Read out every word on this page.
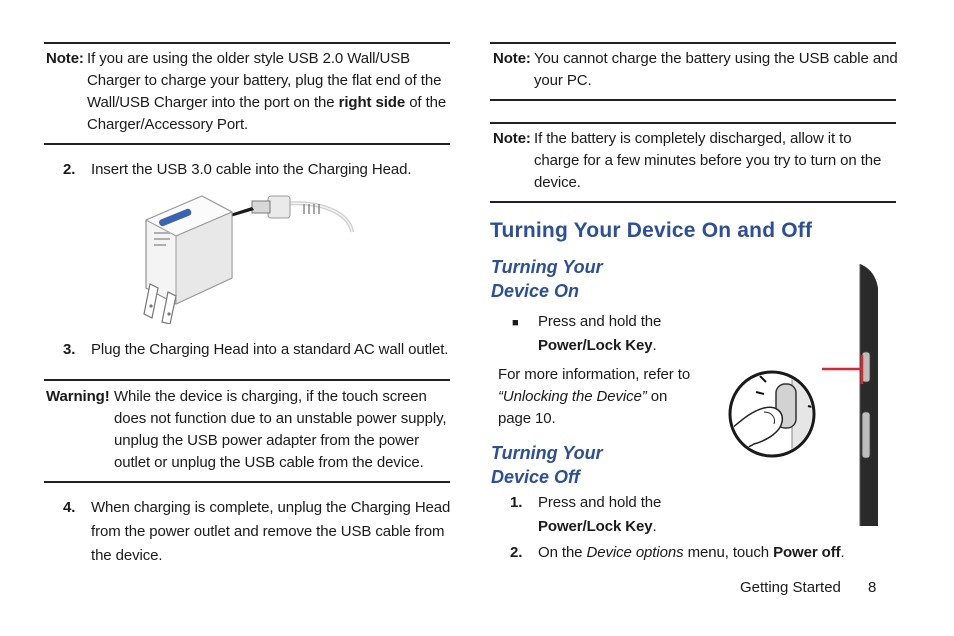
Note: If you are using the older style USB 2.0 Wall/USB
Charger to charge your battery, plug the flat end of the
Wall/USB Charger into the port on the right side of the
Charger/Accessory Port.
2. Insert the USB 3.0 cable into the Charging Head.
3. Plug the Charging Head into a standard AC wall outlet.
Warning! While the device is charging, if the touch screen
does not function due to an unstable power supply,
unplug the USB power adapter from the power
outlet or unplug the USB cable from the device.
4. When charging is complete, unplug the Charging Head
from the power outlet and remove the USB cable from
the device.
Note: You cannot charge the battery using the USB cable and
your PC.
Note: If the battery is completely discharged, allow it to
charge for a few minutes before you try to turn on the
device.
Turning Your Device On and Off
Turning Your
Device On
■ Press and hold the
Power/Lock Key.
For more information, refer to
“Unlocking the Device” on
page 10.
Turning Your
Device Off
1. Press and hold the
Power/Lock Key.
2. On the Device options menu, touch Power off.
Getting Started 8
